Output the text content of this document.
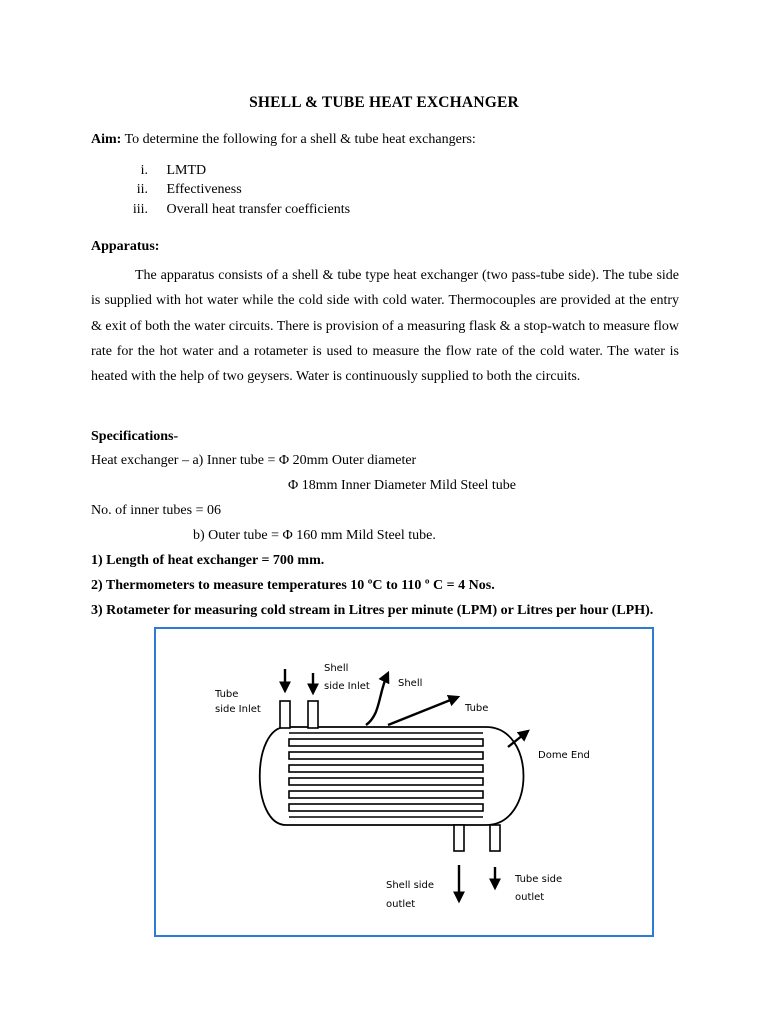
SHELL & TUBE HEAT EXCHANGER
Aim: To determine the following for a shell & tube heat exchangers:
i. LMTD
ii. Effectiveness
iii. Overall heat transfer coefficients
Apparatus:
The apparatus consists of a shell & tube type heat exchanger (two pass-tube side). The tube side is supplied with hot water while the cold side with cold water. Thermocouples are provided at the entry & exit of both the water circuits. There is provision of a measuring flask & a stop-watch to measure flow rate for the hot water and a rotameter is used to measure the flow rate of the cold water. The water is heated with the help of two geysers. Water is continuously supplied to both the circuits.
Specifications-
Heat exchanger – a) Inner tube = Φ 20mm Outer diameter
Φ 18mm Inner Diameter Mild Steel tube
No. of inner tubes = 06
b) Outer tube = Φ 160 mm Mild Steel tube.
1) Length of heat exchanger = 700 mm.
2) Thermometers to measure temperatures 10 ºC to 110 º C = 4 Nos.
3) Rotameter for measuring cold stream in Litres per minute (LPM) or Litres per hour (LPH).
Tube side Inlet
Shell side Inlet	Shell
Tube
Dome End
Shell side outlet
Tube side outlet
